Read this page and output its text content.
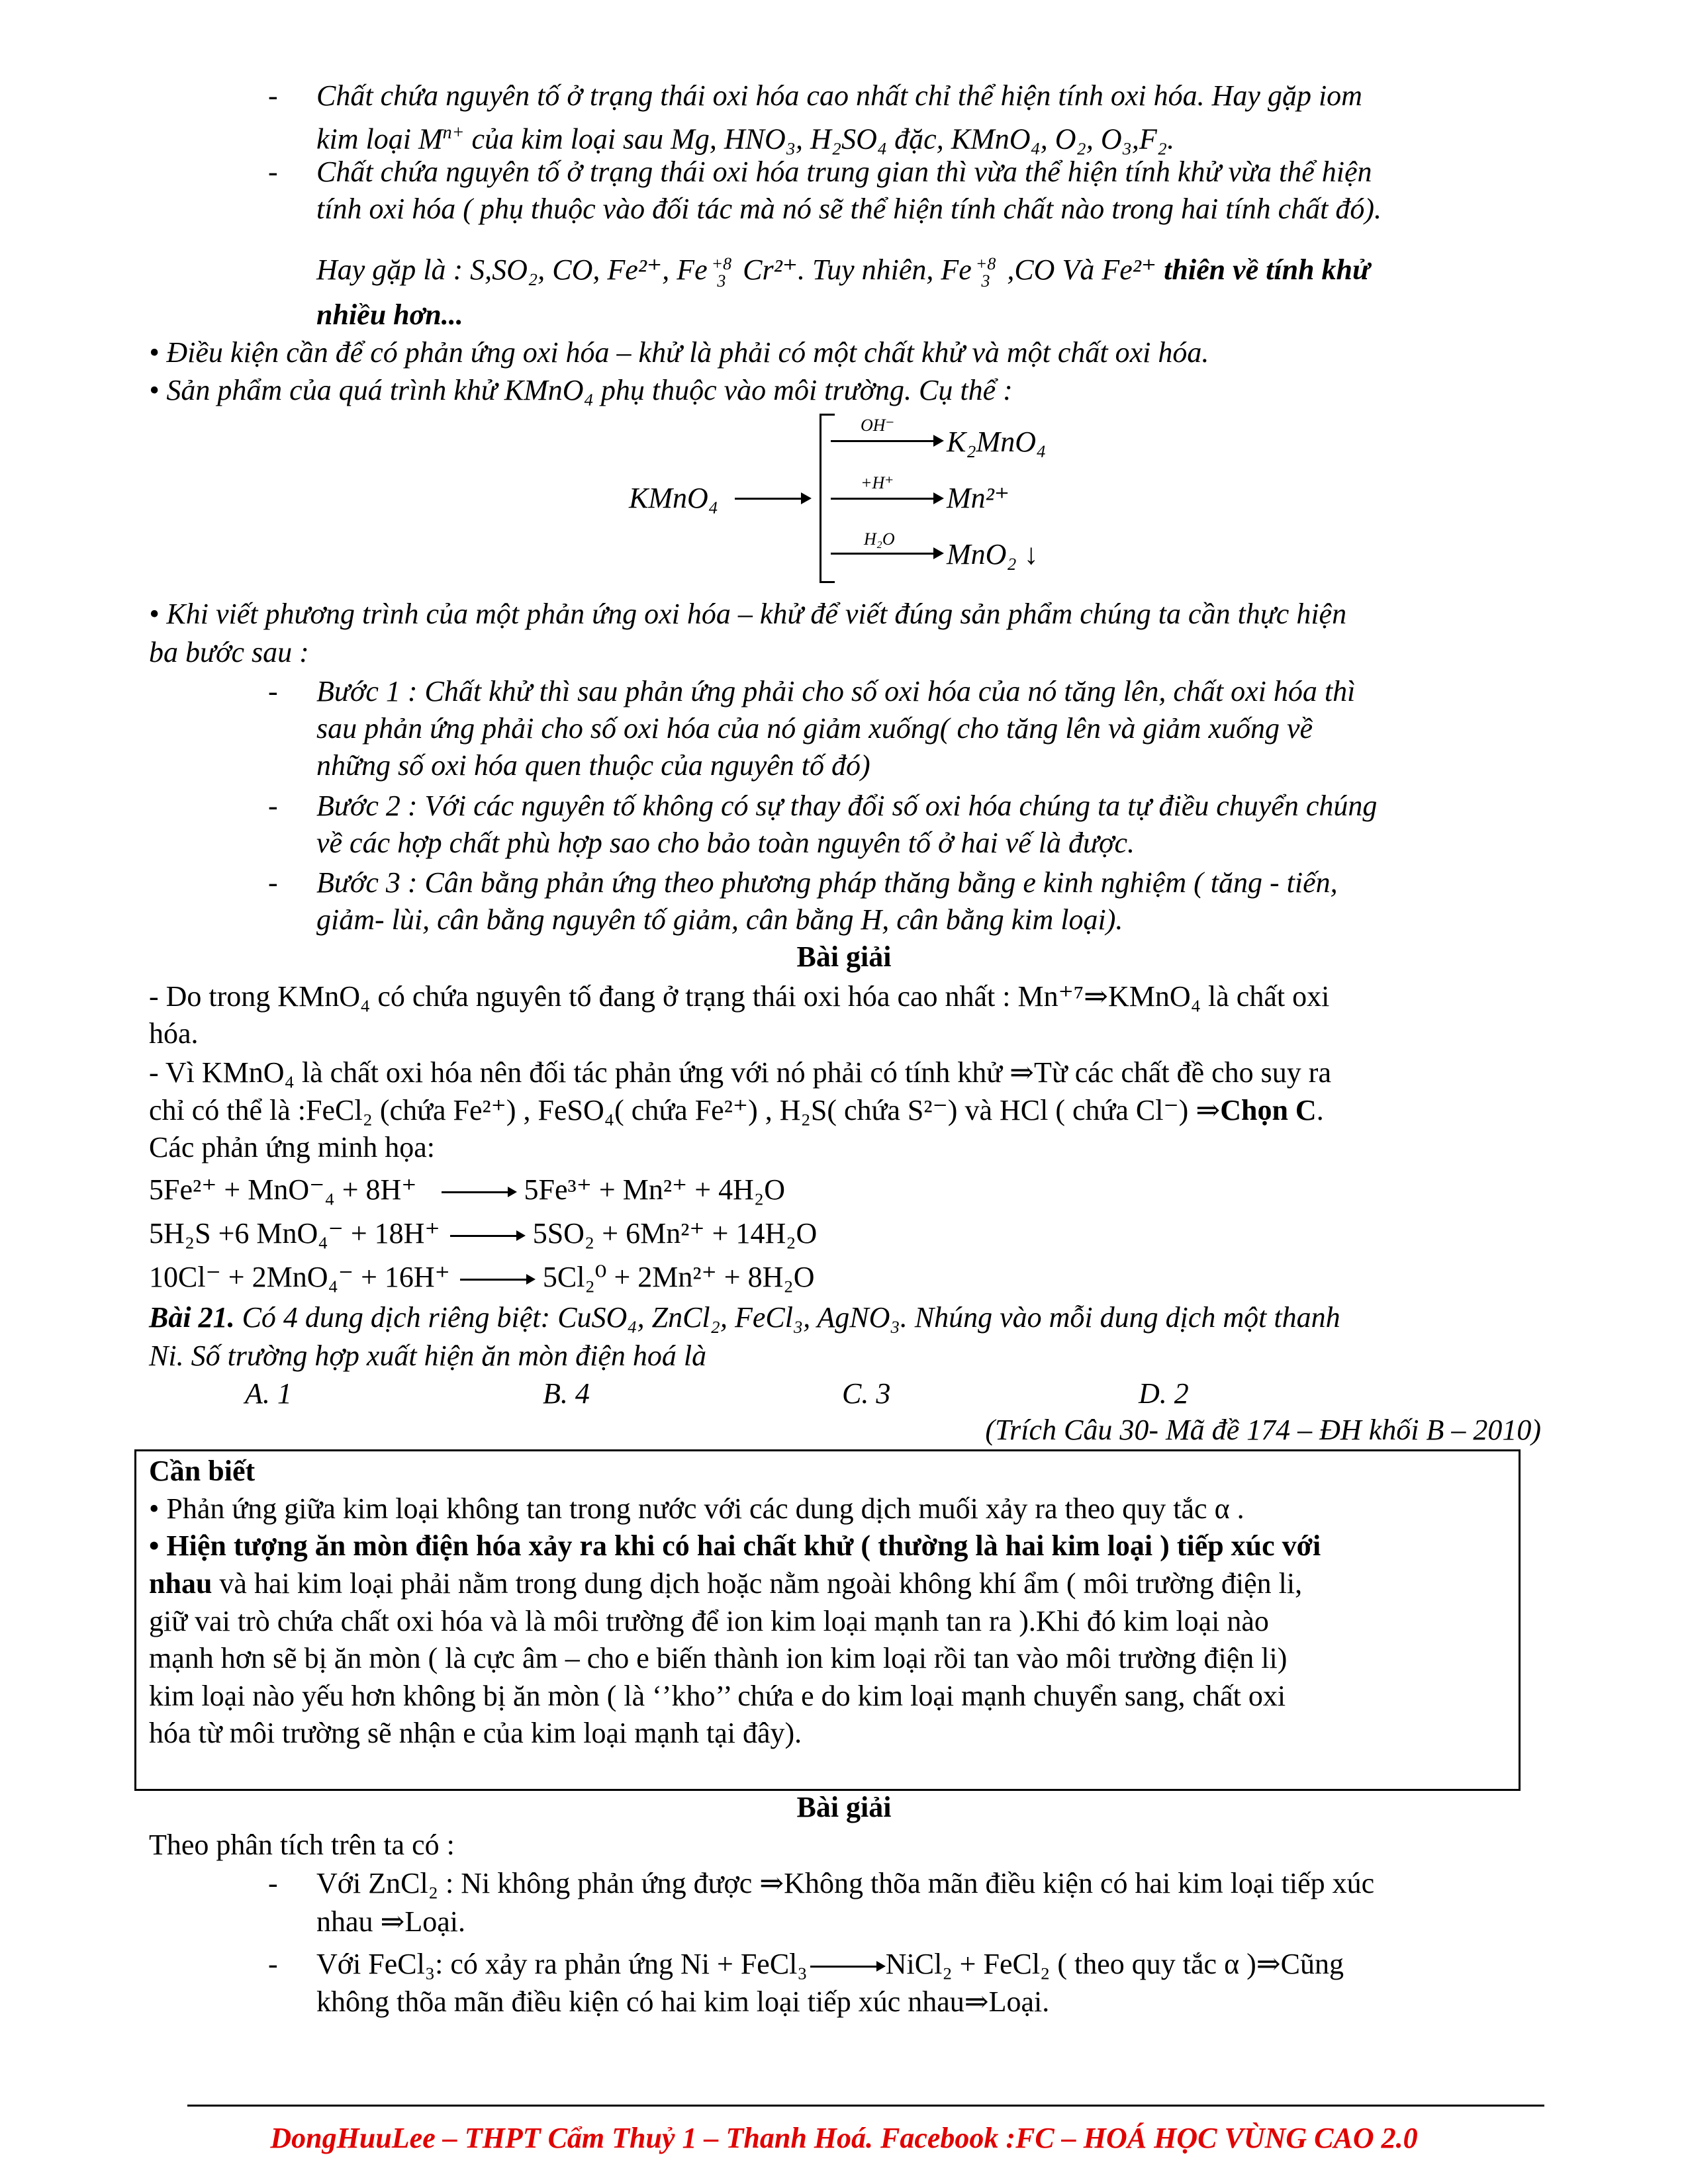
- Chất chứa nguyên tố ở trạng thái oxi hóa cao nhất chỉ thể hiện tính oxi hóa. Hay gặp iom
kim loại $M^{n+}$ của kim loại sau Mg, HNO₃, H₂SO₄ đặc, KMnO₄, O₂, O₃,F₂.
- Chất chứa nguyên tố ở trạng thái oxi hóa trung gian thì vừa thể hiện tính khử vừa thể hiện
tính oxi hóa ( phụ thuộc vào đối tác mà nó sẽ thể hiện tính chất nào trong hai tính chất đó).
Hay gặp là : S,SO₂, CO, Fe²⁺, Fe +8
3 Cr²⁺. Tuy nhiên, Fe +8
3 ,CO Và Fe²⁺ thiên về tính khử
nhiều hơn...
• Điều kiện cần để có phản ứng oxi hóa – khử là phải có một chất khử và một chất oxi hóa.
• Sản phẩm của quá trình khử KMnO₄ phụ thuộc vào môi trường. Cụ thể :
KMnO₄
OH⁻
K₂MnO₄
+H⁺ Mn²⁺
H₂O MnO₂ ↓
• Khi viết phương trình của một phản ứng oxi hóa – khử để viết đúng sản phẩm chúng ta cần thực hiện
ba bước sau :
- Bước 1 : Chất khử thì sau phản ứng phải cho số oxi hóa của nó tăng lên, chất oxi hóa thì
sau phản ứng phải cho số oxi hóa của nó giảm xuống( cho tăng lên và giảm xuống về
những số oxi hóa quen thuộc của nguyên tố đó)
- Bước 2 : Với các nguyên tố không có sự thay đổi số oxi hóa chúng ta tự điều chuyển chúng
về các hợp chất phù hợp sao cho bảo toàn nguyên tố ở hai vế là được.
- Bước 3 : Cân bằng phản ứng theo phương pháp thăng bằng e kinh nghiệm ( tăng - tiến,
giảm- lùi, cân bằng nguyên tố giảm, cân bằng H, cân bằng kim loại).
Bài giải
- Do trong KMnO₄ có chứa nguyên tố đang ở trạng thái oxi hóa cao nhất : Mn⁺⁷⇒KMnO₄ là chất oxi
hóa.
- Vì KMnO₄ là chất oxi hóa nên đối tác phản ứng với nó phải có tính khử ⇒Từ các chất đề cho suy ra
chỉ có thể là :FeCl₂ (chứa Fe²⁺) , FeSO₄( chứa Fe²⁺) , H₂S( chứa S²⁻) và HCl ( chứa Cl⁻) ⇒Chọn C.
Các phản ứng minh họa:
5Fe²⁺ + MnO⁻₄ + 8H⁺	5Fe³⁺ + Mn²⁺ + 4H₂O
5H₂S +6 MnO₄⁻ + 18H⁺	5SO₂ + 6Mn²⁺ + 14H₂O
10Cl⁻ + 2MnO₄⁻ + 16H⁺	5Cl₂⁰ + 2Mn²⁺ + 8H₂O
Bài 21. Có 4 dung dịch riêng biệt: CuSO₄, ZnCl₂, FeCl₃, AgNO₃. Nhúng vào mỗi dung dịch một thanh
Ni. Số trường hợp xuất hiện ăn mòn điện hoá là
A. 1	B. 4	C. 3	D. 2
(Trích Câu 30- Mã đề 174 – ĐH khối B – 2010)
Cần biết
• Phản ứng giữa kim loại không tan trong nước với các dung dịch muối xảy ra theo quy tắc α .
• Hiện tượng ăn mòn điện hóa xảy ra khi có hai chất khử ( thường là hai kim loại ) tiếp xúc với
nhau và hai kim loại phải nằm trong dung dịch hoặc nằm ngoài không khí ẩm ( môi trường điện li,
giữ vai trò chứa chất oxi hóa và là môi trường để ion kim loại mạnh tan ra ).Khi đó kim loại nào
mạnh hơn sẽ bị ăn mòn ( là cực âm – cho e biến thành ion kim loại rồi tan vào môi trường điện li)
kim loại nào yếu hơn không bị ăn mòn ( là ‘’kho’’ chứa e do kim loại mạnh chuyển sang, chất oxi
hóa từ môi trường sẽ nhận e của kim loại mạnh tại đây).
Bài giải
Theo phân tích trên ta có :
- Với ZnCl₂ : Ni không phản ứng được ⇒Không thõa mãn điều kiện có hai kim loại tiếp xúc
nhau ⇒Loại.
- Với FeCl₃: có xảy ra phản ứng Ni + FeCl₃	NiCl₂ + FeCl₂ ( theo quy tắc α )⇒Cũng
không thõa mãn điều kiện có hai kim loại tiếp xúc nhau⇒Loại.
DongHuuLee – THPT Cẩm Thuỷ 1 – Thanh Hoá. Facebook :FC – HOÁ HỌC VÙNG CAO 2.0
